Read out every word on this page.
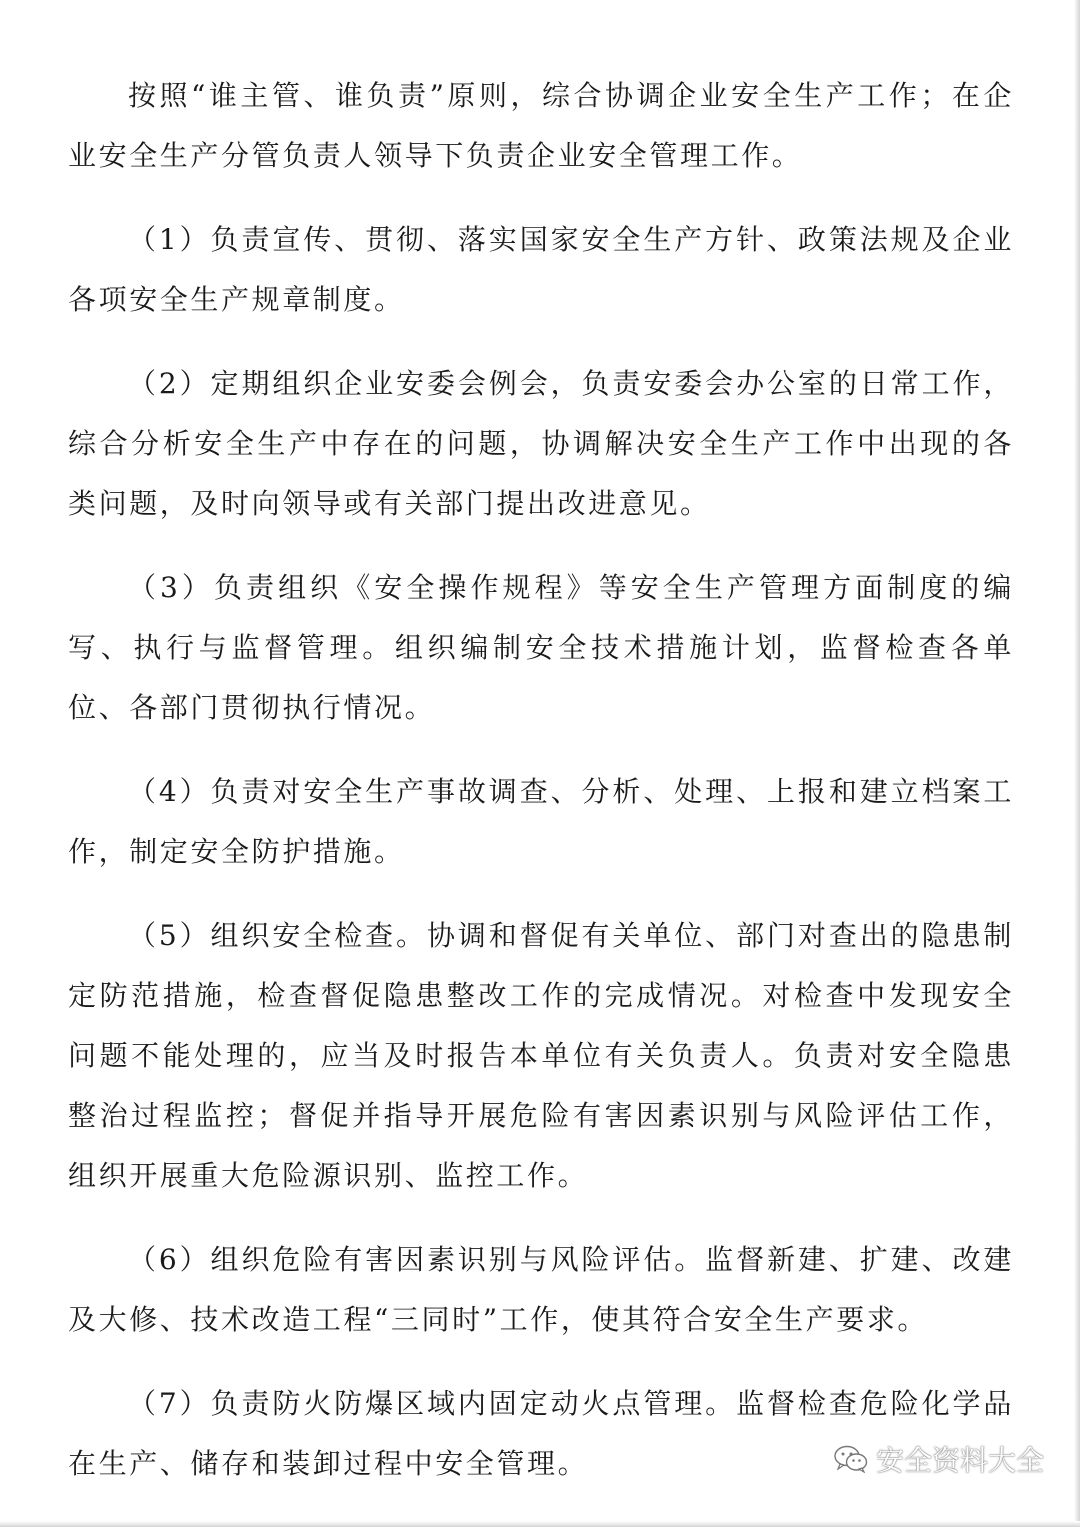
按照“谁主管、谁负责”原则，综合协调企业安全生产工作；在企业安全生产分管负责人领导下负责企业安全管理工作。

（1）负责宣传、贯彻、落实国家安全生产方针、政策法规及企业各项安全生产规章制度。

（2）定期组织企业安委会例会，负责安委会办公室的日常工作，综合分析安全生产中存在的问题，协调解决安全生产工作中出现的各类问题，及时向领导或有关部门提出改进意见。

（3）负责组织《安全操作规程》等安全生产管理方面制度的编写、执行与监督管理。组织编制安全技术措施计划，监督检查各单位、各部门贯彻执行情况。

（4）负责对安全生产事故调查、分析、处理、上报和建立档案工作，制定安全防护措施。

（5）组织安全检查。协调和督促有关单位、部门对查出的隐患制定防范措施，检查督促隐患整改工作的完成情况。对检查中发现安全问题不能处理的，应当及时报告本单位有关负责人。负责对安全隐患整治过程监控；督促并指导开展危险有害因素识别与风险评估工作，组织开展重大危险源识别、监控工作。

（6）组织危险有害因素识别与风险评估。监督新建、扩建、改建及大修、技术改造工程“三同时”工作，使其符合安全生产要求。

（7）负责防火防爆区域内固定动火点管理。监督检查危险化学品在生产、储存和装卸过程中安全管理。	安全资料大全
